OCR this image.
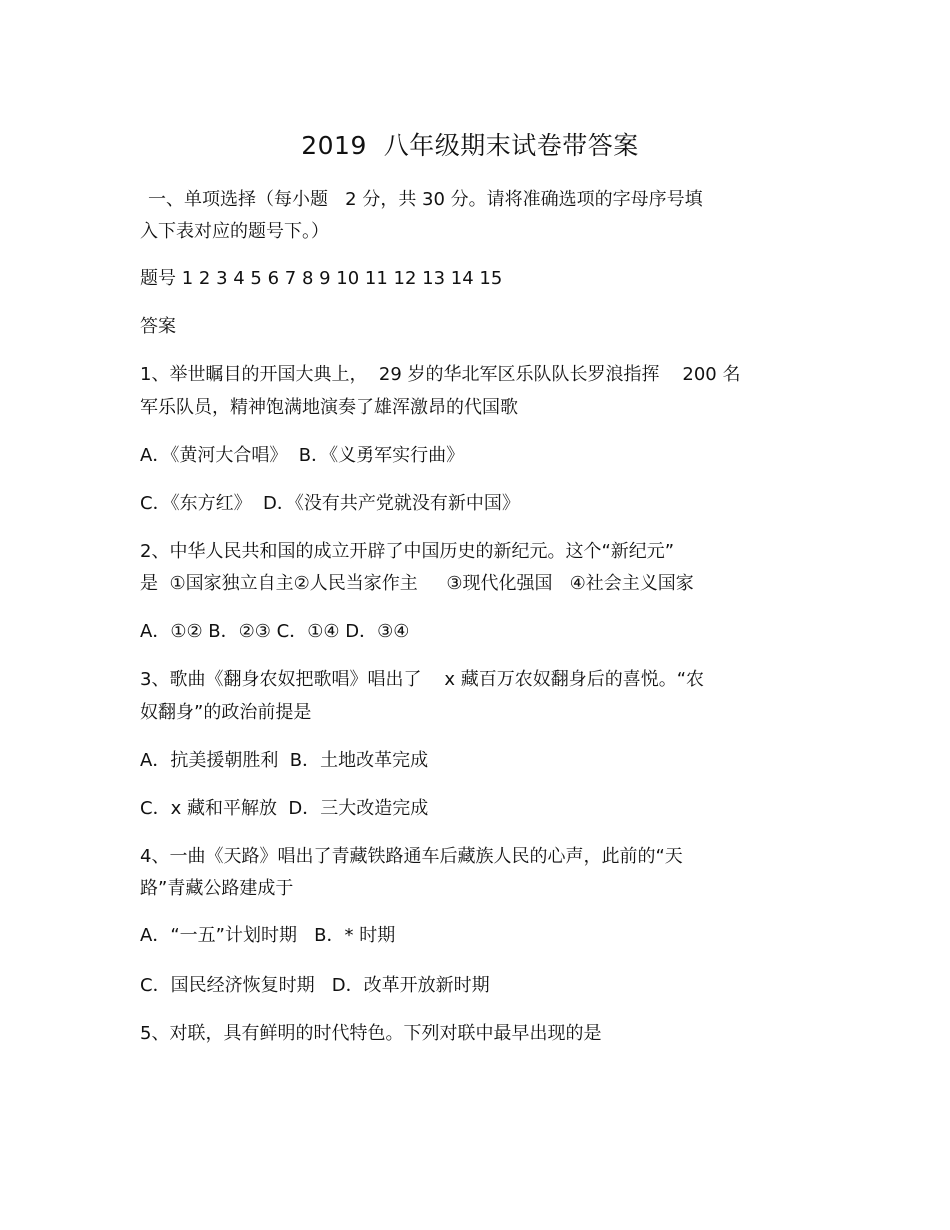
2019  八年级期末试卷带答案
一、单项选择（每小题   2 分，共 30 分。请将准确选项的字母序号填
入下表对应的题号下。）
题号 1 2 3 4 5 6 7 8 9 10 11 12 13 14 15
答案
1、举世瞩目的开国大典上，  29 岁的华北军区乐队队长罗浪指挥    200 名
军乐队员，精神饱满地演奏了雄浑激昂的代国歌
A．《黄河大合唱》  B．《义勇军实行曲》
C．《东方红》  D．《没有共产党就没有新中国》
2、中华人民共和国的成立开辟了中国历史的新纪元。这个“新纪元”
是  ①国家独立自主②人民当家作主     ③现代化强国   ④社会主义国家
A．①② B．②③ C．①④ D．③④
3、歌曲《翻身农奴把歌唱》唱出了    x 藏百万农奴翻身后的喜悦。“农
奴翻身”的政治前提是
A．抗美援朝胜利  B．土地改革完成
C．x 藏和平解放  D．三大改造完成
4、一曲《天路》唱出了青藏铁路通车后藏族人民的心声，此前的“天
路”青藏公路建成于
A．“一五”计划时期   B．* 时期
C．国民经济恢复时期   D．改革开放新时期
5、对联，具有鲜明的时代特色。下列对联中最早出现的是
